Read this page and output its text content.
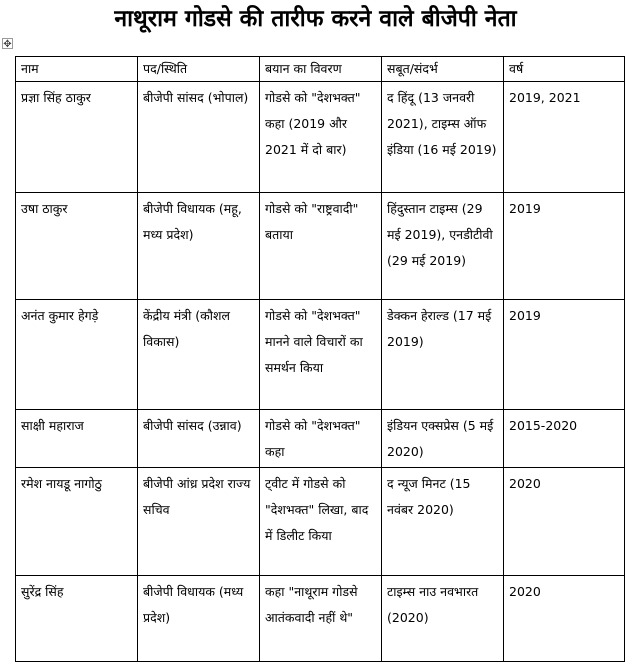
नाथूराम गोडसे की तारीफ करने वाले बीजेपी नेता
✥
नाम	पद/स्थिति	बयान का विवरण	सबूत/संदर्भ	वर्ष
प्रज्ञा सिंह ठाकुर	बीजेपी सांसद (भोपाल)	गोडसे को "देशभक्त" कहा (2019 और 2021 में दो बार)	द हिंदू (13 जनवरी 2021), टाइम्स ऑफ इंडिया (16 मई 2019)	2019, 2021
उषा ठाकुर	बीजेपी विधायक (महू, मध्य प्रदेश)	गोडसे को "राष्ट्रवादी" बताया	हिंदुस्तान टाइम्स (29 मई 2019), एनडीटीवी (29 मई 2019)	2019
अनंत कुमार हेगड़े	केंद्रीय मंत्री (कौशल विकास)	गोडसे को "देशभक्त" मानने वाले विचारों का समर्थन किया	डेक्कन हेराल्ड (17 मई 2019)	2019
साक्षी महाराज	बीजेपी सांसद (उन्नाव)	गोडसे को "देशभक्त" कहा	इंडियन एक्सप्रेस (5 मई 2020)	2015-2020
रमेश नायडू नागोठु	बीजेपी आंध्र प्रदेश राज्य सचिव	ट्वीट में गोडसे को "देशभक्त" लिखा, बाद में डिलीट किया	द न्यूज मिनट (15 नवंबर 2020)	2020
सुरेंद्र सिंह	बीजेपी विधायक (मध्य प्रदेश)	कहा "नाथूराम गोडसे आतंकवादी नहीं थे"	टाइम्स नाउ नवभारत (2020)	2020
